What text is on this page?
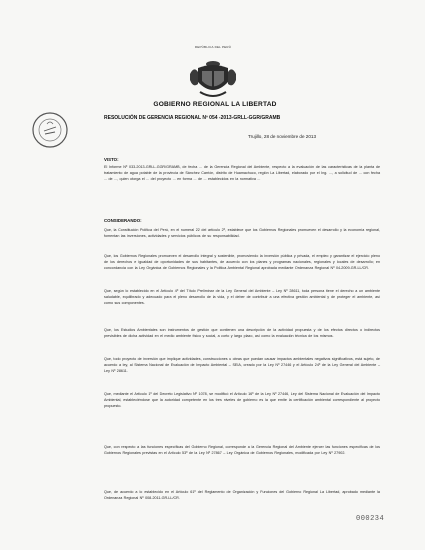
REPÚBLICA DEL PERÚ
GOBIERNO REGIONAL LA LIBERTAD
RESOLUCIÓN DE GERENCIA REGIONAL Nº 054 -2013-GRLL-GGR/GRAMB
Trujillo, 28 de noviembre de 2013
VISTO:
El Informe Nº 033-2013-GRLL-GGR/GRAMB, de fecha ... de la Gerencia Regional del Ambiente, respecto a la evaluación de las características de la planta de tratamiento de agua potable de la provincia de Sánchez Carrión, distrito de Huamachuco, región La Libertad, elaborado por el Ing. ..., a solicitud de ... con fecha ... de ..., quien otorga el ... del proyecto ... en forma ... de ... establecidos en la normativa ...
CONSIDERANDO:
Que, la Constitución Política del Perú, en el numeral 22 del artículo 2º, establece que los Gobiernos Regionales promueven el desarrollo y la economía regional, fomentan las inversiones, actividades y servicios públicos de su responsabilidad.
Que, los Gobiernos Regionales promueven el desarrollo integral y sostenible, promoviendo la inversión pública y privada, el empleo y garantizar el ejercicio pleno de los derechos e igualdad de oportunidades de sus habitantes, de acuerdo con los planes y programas nacionales, regionales y locales de desarrollo; en concordancia con la Ley Orgánica de Gobiernos Regionales y la Política Ambiental Regional aprobada mediante Ordenanza Regional Nº 04-2009-GR-LL/CR.
Que, según lo establecido en el Artículo 4º del Título Preliminar de la Ley General del Ambiente – Ley Nº 28611, toda persona tiene el derecho a un ambiente saludable, equilibrado y adecuado para el pleno desarrollo de la vida, y el deber de contribuir a una efectiva gestión ambiental y de proteger el ambiente, así como sus componentes.
Que, los Estudios Ambientales son instrumentos de gestión que contienen una descripción de la actividad propuesta y de los efectos directos o indirectos previsibles de dicha actividad en el medio ambiente físico y social, a corto y largo plazo, así como la evaluación técnica de los mismos.
Que, todo proyecto de inversión que implique actividades, construcciones u obras que puedan causar impactos ambientales negativos significativos, está sujeto, de acuerdo a ley, al Sistema Nacional de Evaluación de Impacto Ambiental – SEIA, creado por la Ley Nº 27446 y el Artículo 24º de la Ley General del Ambiente – Ley Nº 28611.
Que, mediante el Artículo 1º del Decreto Legislativo Nº 1078, se modificó el Artículo 16º de la Ley Nº 27446, Ley del Sistema Nacional de Evaluación del Impacto Ambiental, estableciéndose que la autoridad competente en los tres niveles de gobierno es la que emite la certificación ambiental correspondiente al proyecto propuesto.
Que, con respecto a las funciones específicas del Gobierno Regional, corresponde a la Gerencia Regional del Ambiente ejercer las funciones específicas de los Gobiernos Regionales previstas en el Artículo 53º de la Ley Nº 27867 – Ley Orgánica de Gobiernos Regionales, modificada por Ley Nº 27902.
Que, de acuerdo a lo establecido en el Artículo 61º del Reglamento de Organización y Funciones del Gobierno Regional La Libertad, aprobado mediante la Ordenanza Regional Nº 008-2011-GR-LL/CR.
000234
